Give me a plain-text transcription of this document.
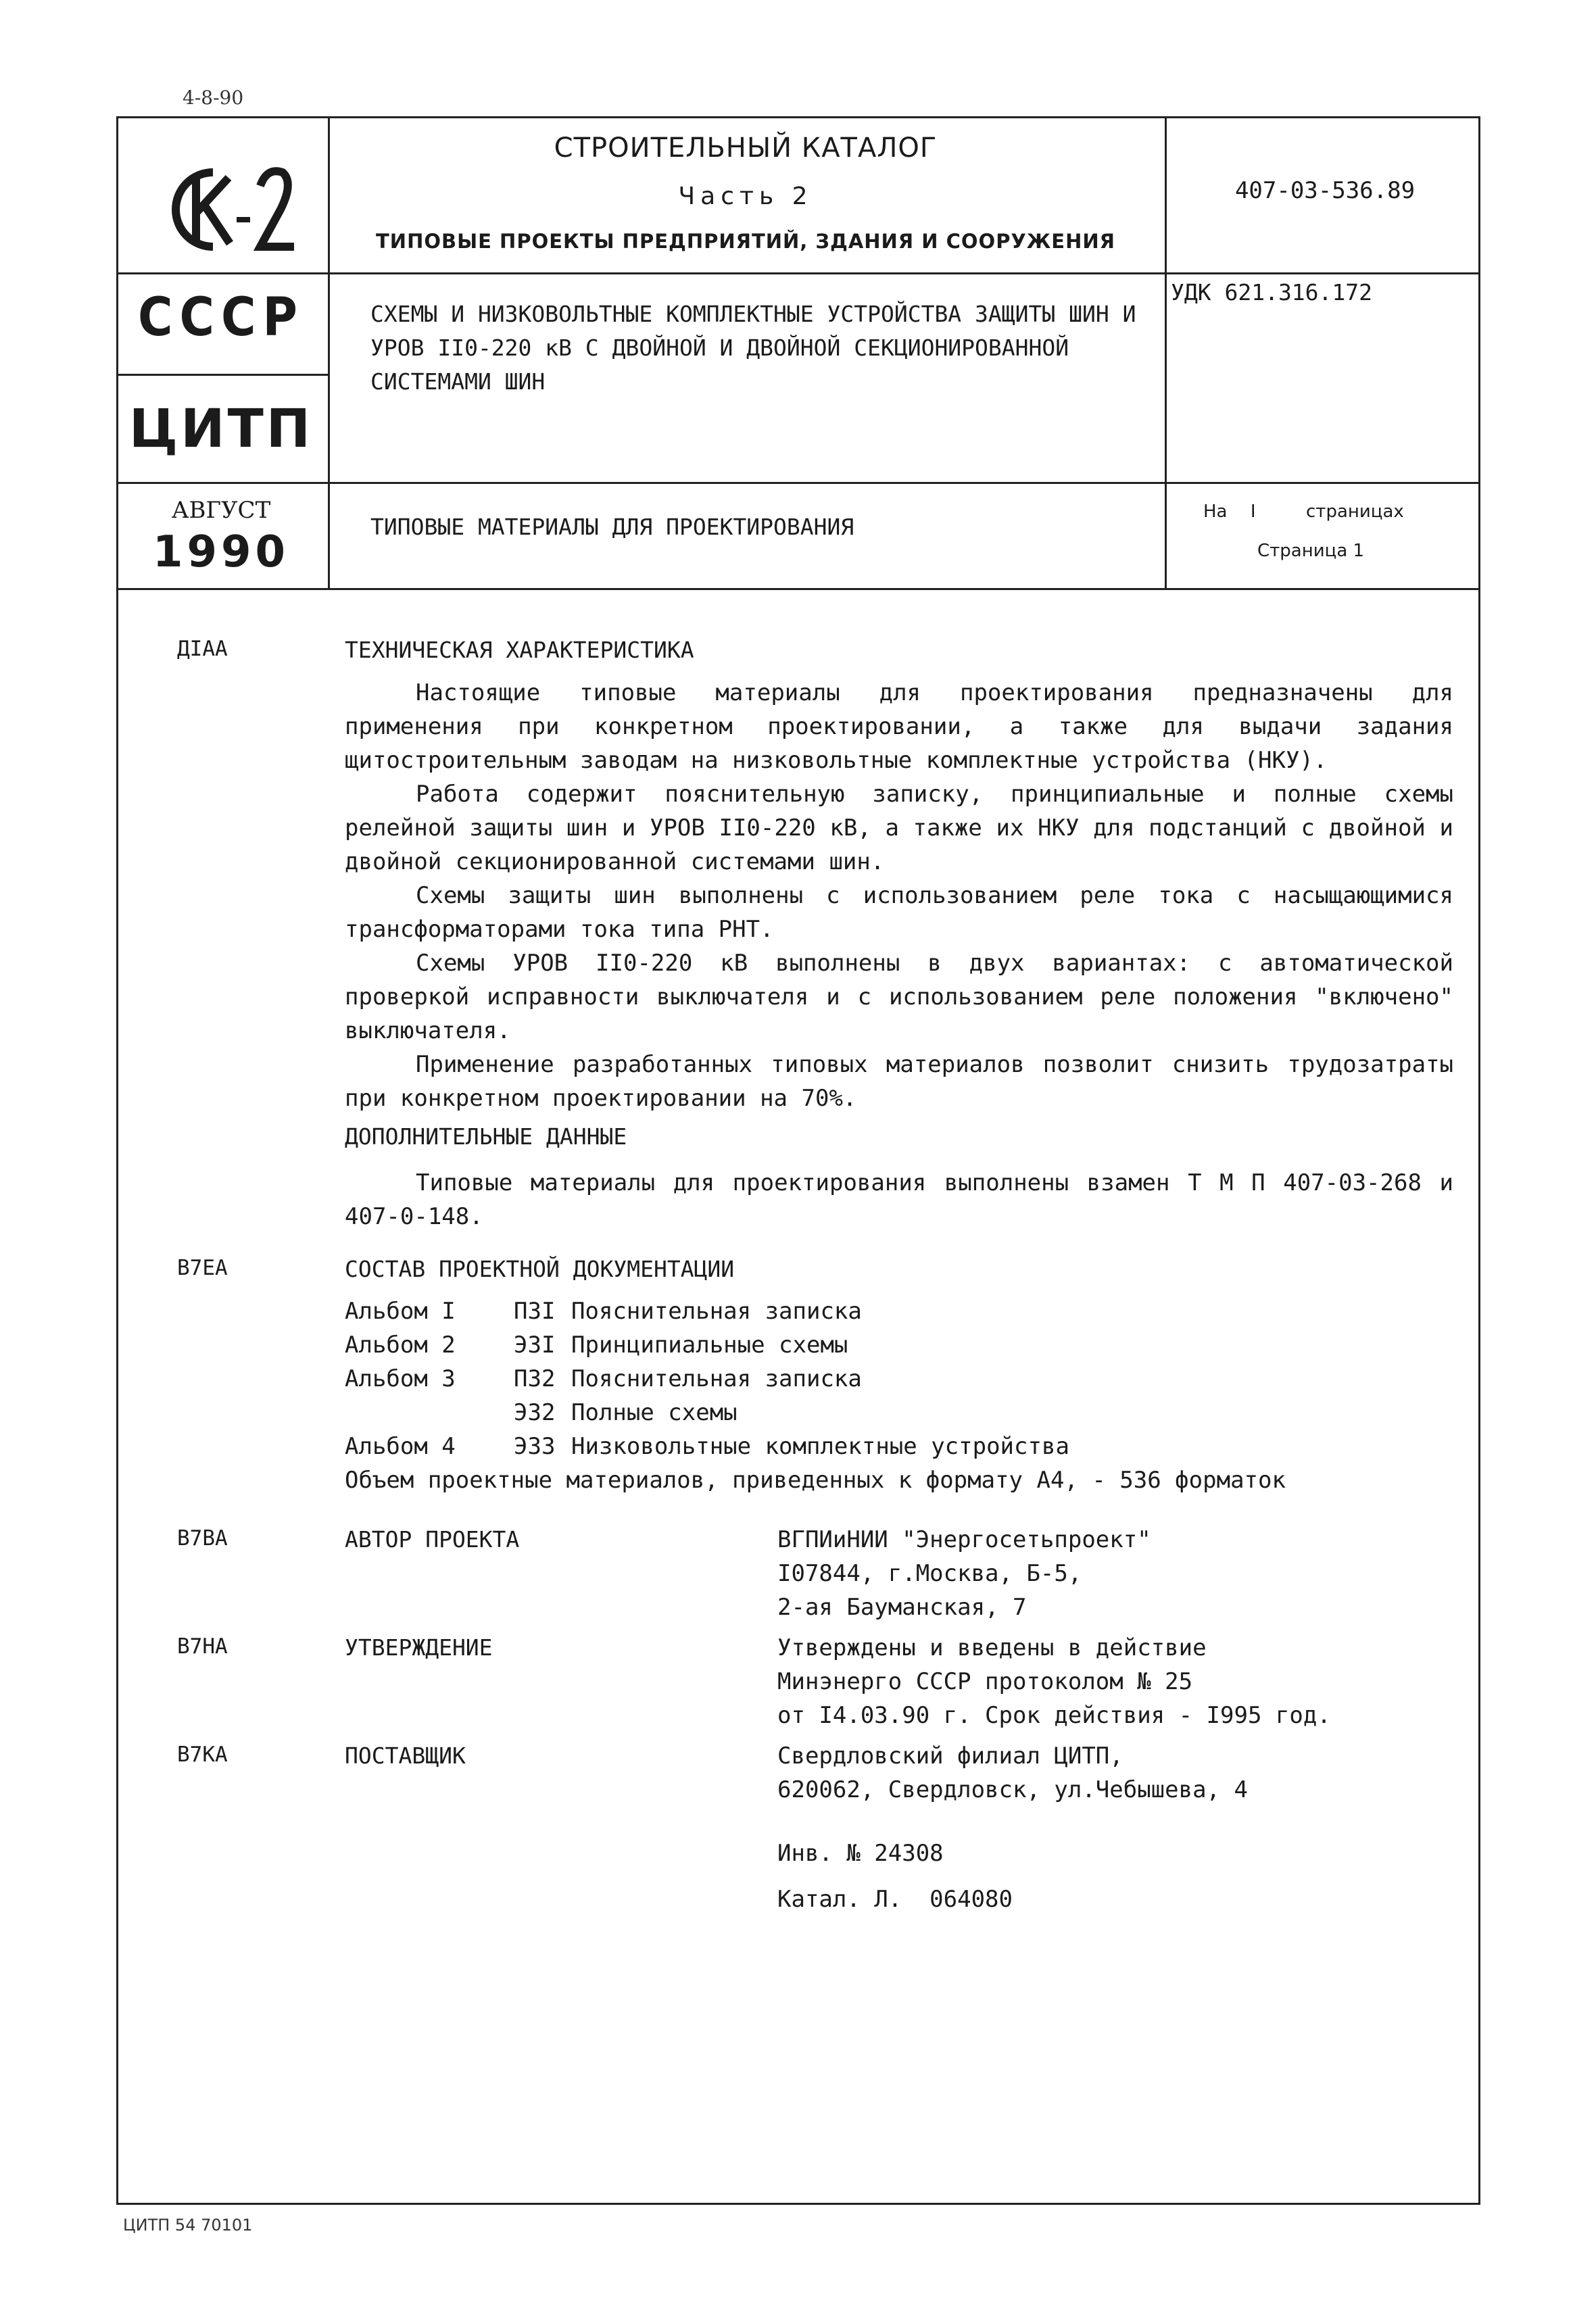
4-8-90
СТРОИТЕЛЬНЫЙ КАТАЛОГ
Часть 2
ТИПОВЫЕ ПРОЕКТЫ ПРЕДПРИЯТИЙ, ЗДАНИЯ И СООРУЖЕНИЯ
407-03-536.89
СССР
ЦИТП
СХЕМЫ И НИЗКОВОЛЬТНЫЕ КОМПЛЕКТНЫЕ УСТРОЙСТВА ЗАЩИТЫ ШИН И УРОВ II0-220 кВ С ДВОЙНОЙ И ДВОЙНОЙ СЕКЦИОНИРОВАННОЙ СИСТЕМАМИ ШИН
УДК 621.316.172
АВГУСТ
1990
ТИПОВЫЕ МАТЕРИАЛЫ ДЛЯ ПРОЕКТИРОВАНИЯ
На I	страницах
Страница 1
ДIАА	ТЕХНИЧЕСКАЯ ХАРАКТЕРИСТИКА
Настоящие типовые материалы для проектирования предназначены для применения при конкретном проектировании, а также для выдачи задания щитостроительным заводам на низковольтные комплектные устройства (НКУ).
Работа содержит пояснительную записку, принципиальные и полные схемы релейной защиты шин и УРОВ II0-220 кВ, а также их НКУ для подстанций с двойной и двойной секционированной системами шин.
Схемы защиты шин выполнены с использованием реле тока с насыщающимися трансформаторами тока типа РНТ.
Схемы УРОВ II0-220 кВ выполнены в двух вариантах: с автоматической проверкой исправности выключателя и с использованием реле положения "включено" выключателя.
Применение разработанных типовых материалов позволит снизить трудозатраты при конкретном проектировании на 70%.
ДОПОЛНИТЕЛЬНЫЕ ДАННЫЕ
Типовые материалы для проектирования выполнены взамен Т М П 407-03-268 и 407-0-148.
В7ЕА	СОСТАВ ПРОЕКТНОЙ ДОКУМЕНТАЦИИ
Альбом I	П3I Пояснительная записка
Альбом 2	Э3I Принципиальные схемы
Альбом 3	П32 Пояснительная записка
Э32 Полные схемы
Альбом 4	Э33 Низковольтные комплектные устройства
Объем проектные материалов, приведенных к формату А4, - 536 форматок
В7ВА	АВТОР ПРОЕКТА	ВГПИиНИИ "Энергосетьпроект"
I07844, г.Москва, Б-5,
2-ая Бауманская, 7
В7НА	УТВЕРЖДЕНИЕ	Утверждены и введены в действие
Минэнерго СССР протоколом № 25
от I4.03.90 г. Срок действия - I995 год.
В7КА	ПОСТАВЩИК	Свердловский филиал ЦИТП,
620062, Свердловск, ул.Чебышева, 4
Инв. № 24308
Катал. Л.  064080
ЦИТП 54 70101
